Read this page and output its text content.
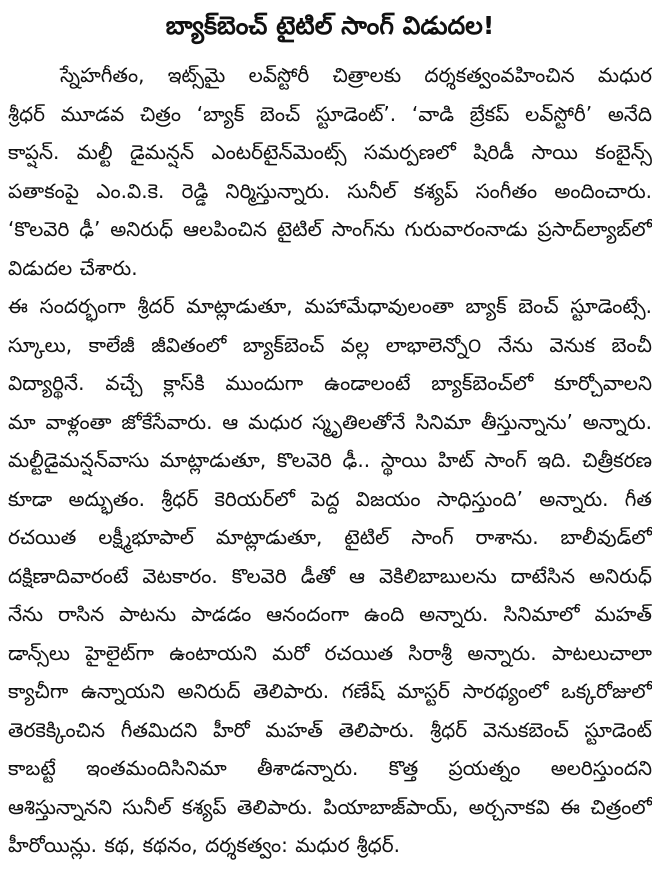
బ్యాక్‌బెంచ్ టైటిల్ సాంగ్ విడుదల!
స్నేహగీతం, ఇట్స్‌మై లవ్‌స్టోరీ చిత్రాలకు దర్శకత్వంవహించిన మధుర
శ్రీధర్ మూడవ చిత్రం ‘బ్యాక్ బెంచ్ స్టూడెంట్’. ‘వాడి బ్రేకప్ లవ్‌స్టోరీ’ అనేది
కాప్షన్. మల్టీ డైమన్షన్ ఎంటర్‌టైన్‌మెంట్స్ సమర్పణలో షిరిడీ సాయి కంబైన్స్
పతాకంపై ఎం.వి.కె. రెడ్డి నిర్మిస్తున్నారు. సునీల్ కశ్యప్ సంగీతం అందించారు.
‘కొలవెరి ఢీ’ అనిరుధ్ ఆలపించిన టైటిల్ సాంగ్‌ను గురువారంనాడు ప్రసాద్‌ల్యాబ్‌లో
విడుదల చేశారు.
ఈ సందర్భంగా శ్రీదర్ మాట్లాడుతూ, మహామేధావులంతా బ్యాక్ బెంచ్ స్టూడెంట్సే.
స్కూలు, కాలేజీ జీవితంలో బ్యాక్‌బెంచ్ వల్ల లాభాలెన్నో౦ నేను వెనుక బెంచీ
విద్యార్థినే. వచ్చే క్లాస్‌కి ముందుగా ఉండాలంటే బ్యాక్‌బెంచ్‌లో కూర్చోవాలని
మా వాళ్లంతా జోకేసేవారు. ఆ మధుర స్మృతిలతోనే సినిమా తీస్తున్నాను’ అన్నారు.
మల్టీడైమన్షన్‌వాసు మాట్లాడుతూ, కొలవెరి ఢీ.. స్థాయి హిట్ సాంగ్ ఇది. చిత్రీకరణ
కూడా అద్భుతం. శ్రీధర్ కెరియర్‌లో పెద్ద విజయం సాధిస్తుంది’ అన్నారు. గీత
రచయిత లక్ష్మీభూపాల్ మాట్లాడుతూ, టైటిల్ సాంగ్ రాశాను. బాలీవుడ్‌లో
దక్షిణాదివారంటే వెటకారం. కొలవెరి డీతో ఆ వెకిలిబాబులను దాటేసిన అనిరుధ్
నేను రాసిన పాటను పాడడం ఆనందంగా ఉంది అన్నారు. సినిమాలో మహత్
డాన్స్‌లు హైలైట్‌గా ఉంటాయని మరో రచయిత సిరాశ్రీ అన్నారు. పాటలుచాలా
క్యాచీగా ఉన్నాయని అనిరుద్ తెలిపారు. గణేష్ మాస్టర్ సారథ్యంలో ఒక్కరోజులో
తెరకెక్కించిన గీతమిదని హీరో మహత్ తెలిపారు. శ్రీధర్ వెనుకబెంచ్ స్టూడెంట్
కాబట్టే ఇంతమందిసినిమా తీశాడన్నారు. కొత్త ప్రయత్నం అలరిస్తుందని
ఆశిస్తున్నానని సునీల్ కశ్యప్ తెలిపారు. పియాబాజ్‌పాయ్, అర్చనాకవి ఈ చిత్రంలో
హీరోయిన్లు. కథ, కథనం, దర్శకత్వం: మధుర శ్రీధర్.
